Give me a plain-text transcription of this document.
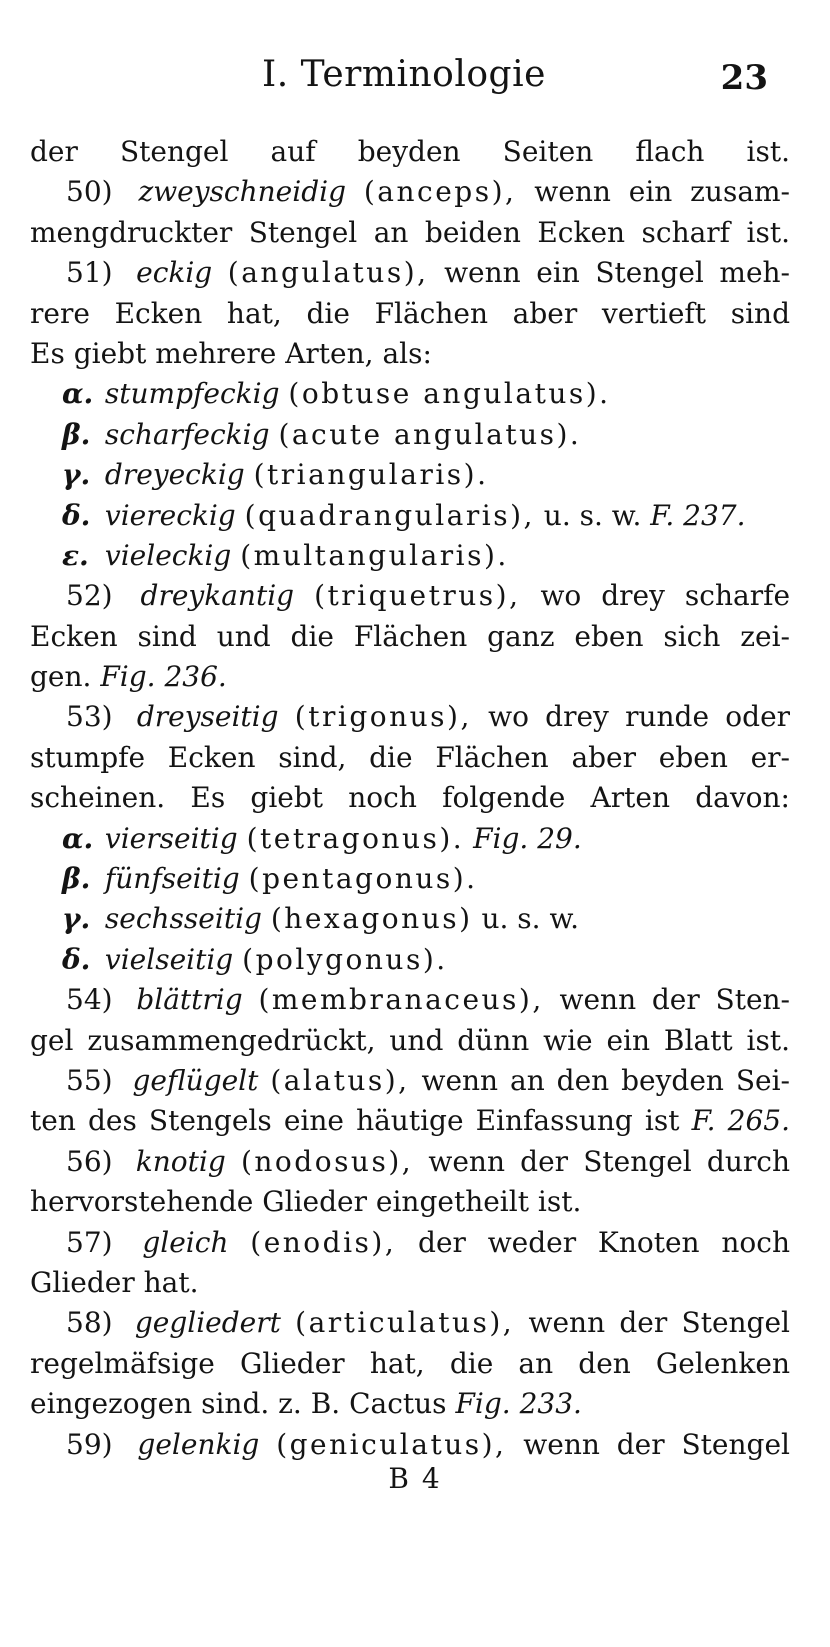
I. Terminologie	23
der Stengel auf beyden Seiten flach ist.
50) zweyschneidig (anceps), wenn ein zusam-
mengdruckter Stengel an beiden Ecken scharf ist.
51) eckig (angulatus), wenn ein Stengel meh-
rere Ecken hat, die Flächen aber vertieft sind
Es giebt mehrere Arten, als:
α. stumpfeckig (obtuse angulatus).
β. scharfeckig (acute angulatus).
γ. dreyeckig (triangularis).
δ. viereckig (quadrangularis), u. s. w. F. 237.
ε. vieleckig (multangularis).
52) dreykantig (triquetrus), wo drey scharfe
Ecken sind und die Flächen ganz eben sich zei-
gen. Fig. 236.
53) dreyseitig (trigonus), wo drey runde oder
stumpfe Ecken sind, die Flächen aber eben er-
scheinen. Es giebt noch folgende Arten davon:
α. vierseitig (tetragonus). Fig. 29.
β. fünfseitig (pentagonus).
γ. sechsseitig (hexagonus) u. s. w.
δ. vielseitig (polygonus).
54) blättrig (membranaceus), wenn der Sten-
gel zusammengedrückt, und dünn wie ein Blatt ist.
55) geflügelt (alatus), wenn an den beyden Sei-
ten des Stengels eine häutige Einfassung ist F. 265.
56) knotig (nodosus), wenn der Stengel durch
hervorstehende Glieder eingetheilt ist.
57) gleich (enodis), der weder Knoten noch
Glieder hat.
58) gegliedert (articulatus), wenn der Stengel
regelmäfsige Glieder hat, die an den Gelenken
eingezogen sind. z. B. Cactus Fig. 233.
59) gelenkig (geniculatus), wenn der Stengel
B 4
